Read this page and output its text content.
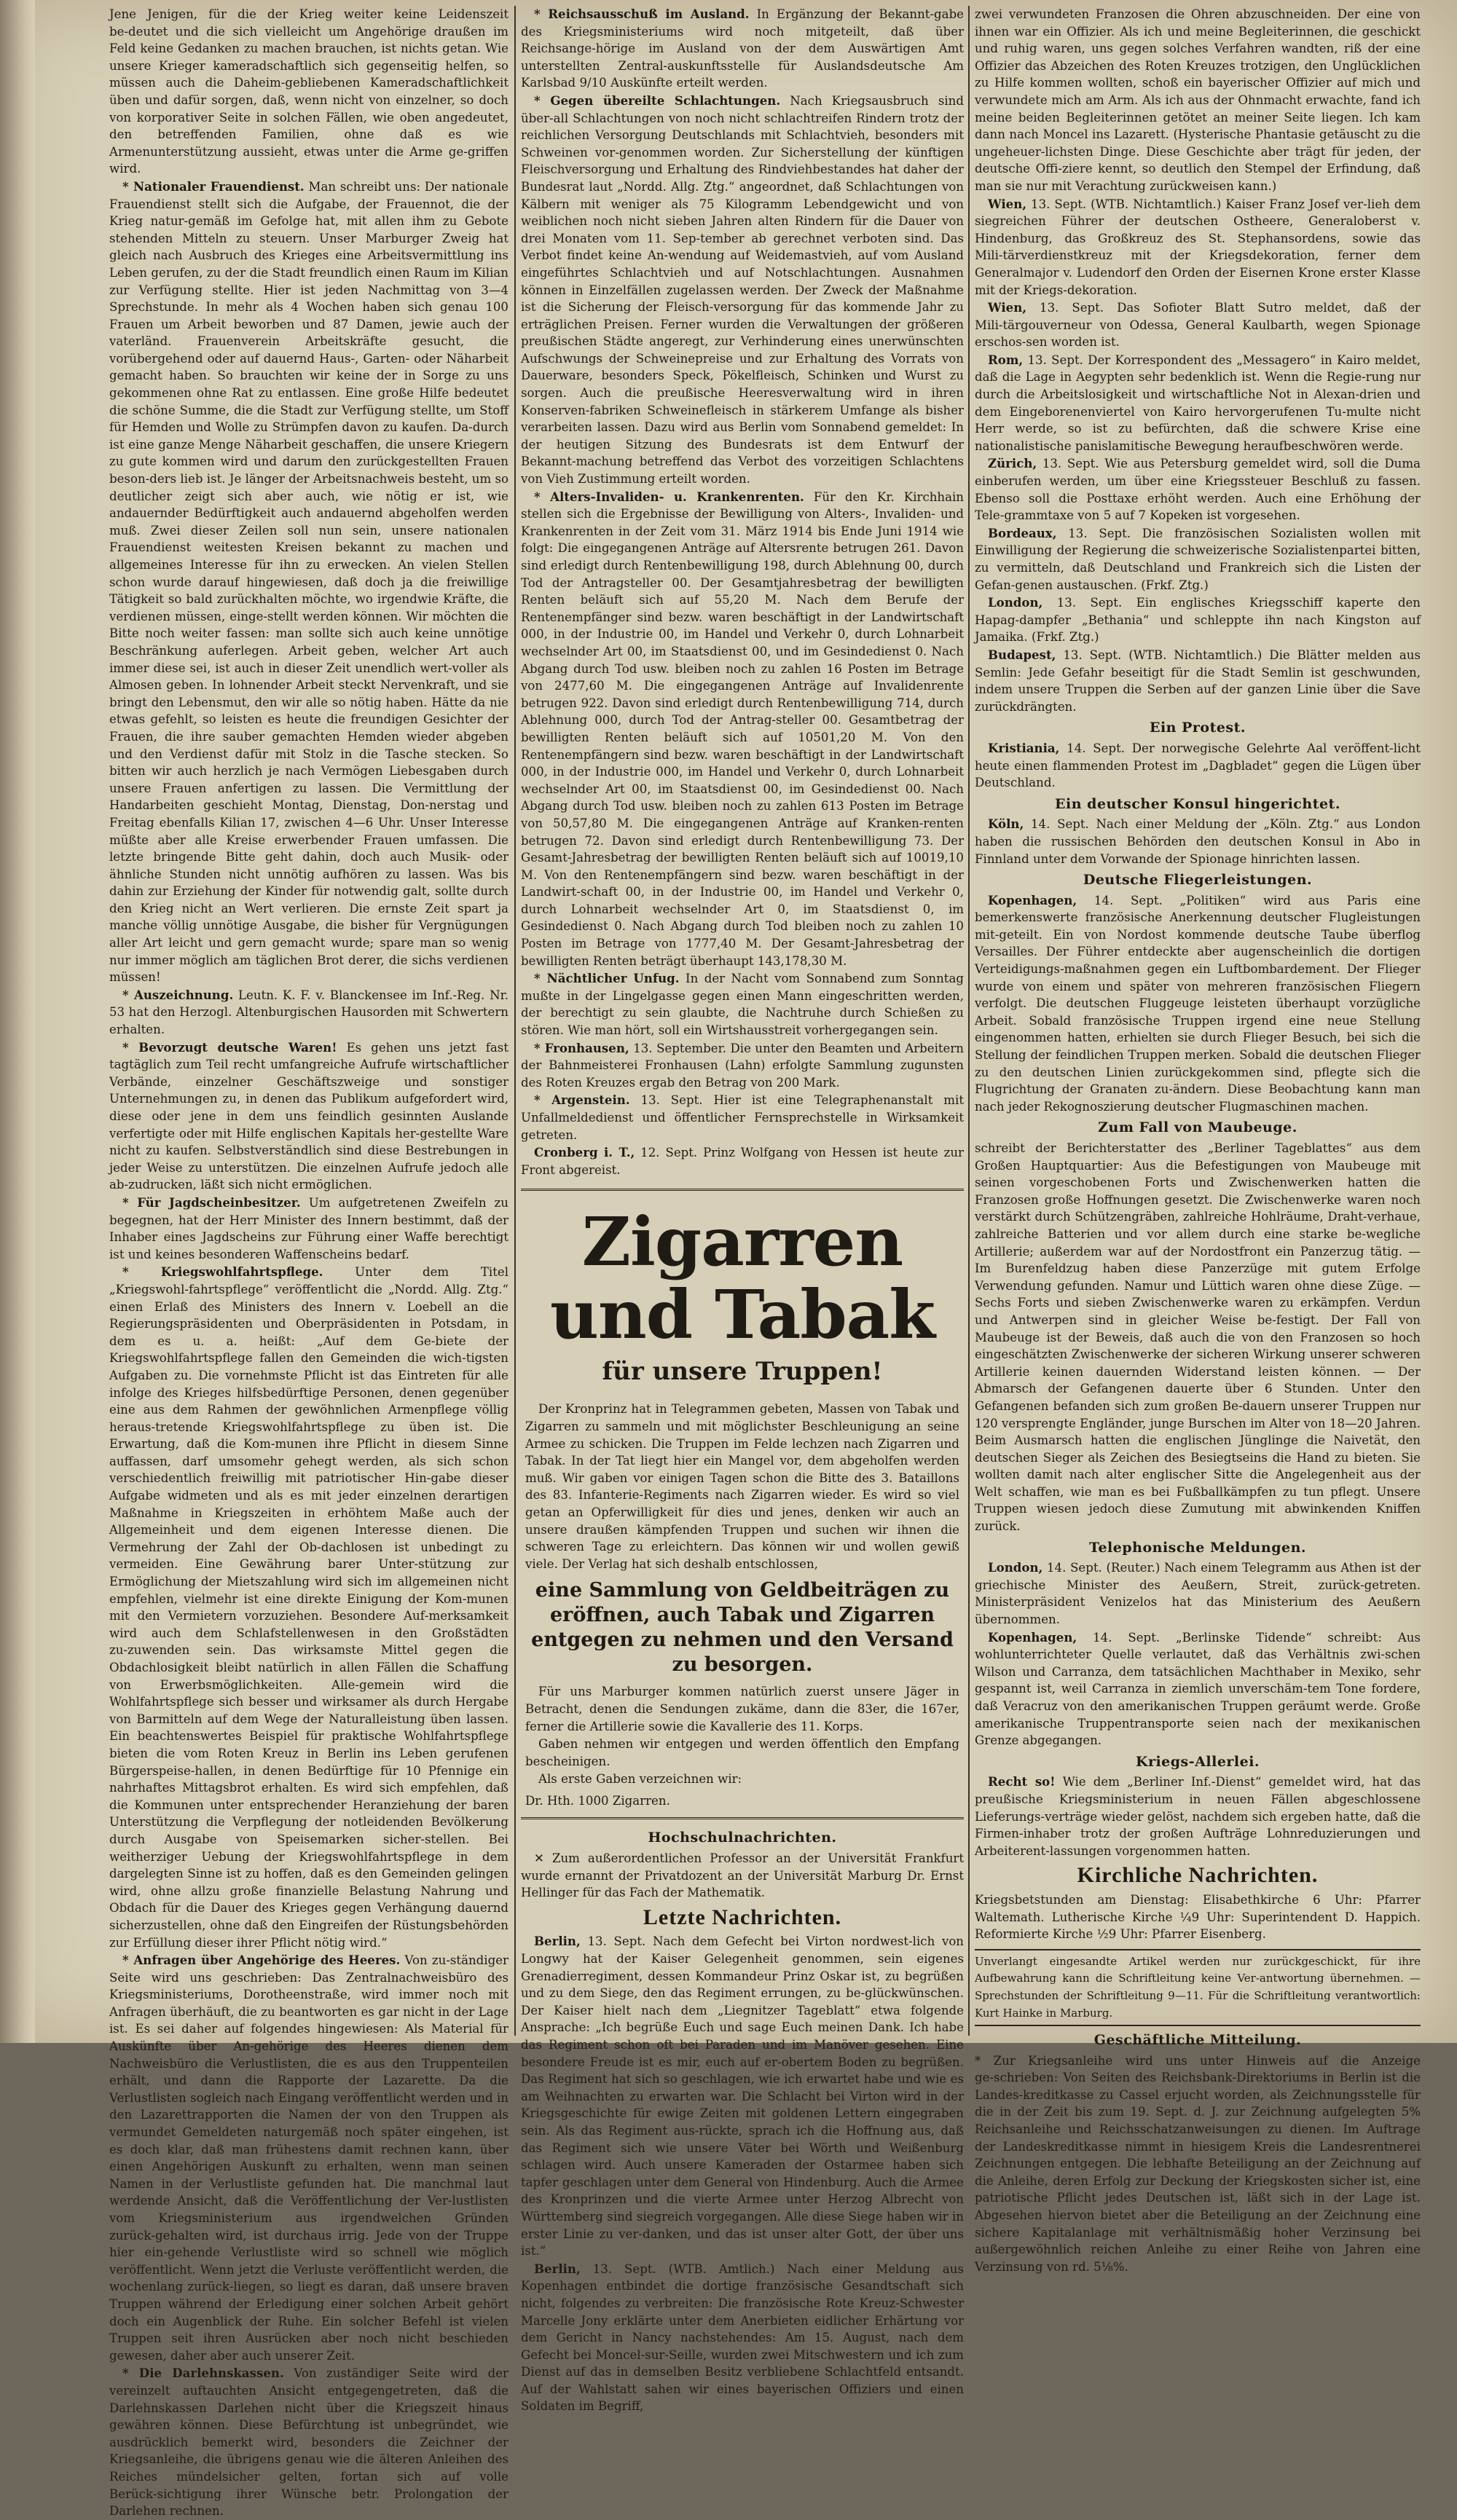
Jene Jenigen, für die der Krieg weiter keine Leidenszeit be‑deutet und die sich vielleicht um Angehörige draußen im Feld keine Gedanken zu machen brauchen, ist nichts getan. Wie unsere Krieger kameradschaftlich sich gegenseitig helfen, so müssen auch die Daheim‑gebliebenen Kameradschaftlichkeit üben und dafür sorgen, daß, wenn nicht von einzelner, so doch von korporativer Seite in solchen Fällen, wie oben angedeutet, den betreffenden Familien, ohne daß es wie Armenunterstützung aussieht, etwas unter die Arme ge‑griffen wird.

* Nationaler Frauendienst. Man schreibt uns: Der nationale Frauendienst stellt sich die Aufgabe, der Frauennot, die der Krieg natur‑gemäß im Gefolge hat, mit allen ihm zu Gebote stehenden Mitteln zu steuern. Unser Marburger Zweig hat gleich nach Ausbruch des Krieges eine Arbeitsvermittlung ins Leben gerufen, zu der die Stadt freundlich einen Raum im Kilian zur Verfügung stellte. Hier ist jeden Nachmittag von 3—4 Sprechstunde. In mehr als 4 Wochen haben sich genau 100 Frauen um Arbeit beworben und 87 Damen, jewie auch der vaterländ. Frauenverein Arbeitskräfte gesucht, die vorübergehend oder auf dauernd Haus‑, Garten‑ oder Näharbeit gemacht haben. So brauchten wir keine der in Sorge zu uns gekommenen ohne Rat zu entlassen. Eine große Hilfe bedeutet die schöne Summe, die die Stadt zur Verfügung stellte, um Stoff für Hemden und Wolle zu Strümpfen davon zu kaufen. Da‑durch ist eine ganze Menge Näharbeit geschaffen, die unsere Kriegern zu gute kommen wird und darum den zurückgestellten Frauen beson‑ders lieb ist. Je länger der Arbeitsnachweis besteht, um so deutlicher zeigt sich aber auch, wie nötig er ist, wie andauernder Bedürftigkeit auch andauernd abgeholfen werden muß. Zwei dieser Zeilen soll nun sein, unsere nationalen Frauendienst weitesten Kreisen bekannt zu machen und allgemeines Interesse für ihn zu erwecken. An vielen Stellen schon wurde darauf hingewiesen, daß doch ja die freiwillige Tätigkeit so bald zurückhalten möchte, wo irgendwie Kräfte, die verdienen müssen, einge‑stellt werden können. Wir möchten die Bitte noch weiter fassen: man sollte sich auch keine unnötige Beschränkung auferlegen. Arbeit geben, welcher Art auch immer diese sei, ist auch in dieser Zeit unendlich wert‑voller als Almosen geben. In lohnender Arbeit steckt Nervenkraft, und sie bringt den Lebensmut, den wir alle so nötig haben. Hätte da nie etwas gefehlt, so leisten es heute die freundigen Gesichter der Frauen, die ihre sauber gemachten Hemden wieder abgeben und den Verdienst dafür mit Stolz in die Tasche stecken. So bitten wir auch herzlich je nach Vermögen Liebesgaben durch unsere Frauen anfertigen zu lassen. Die Vermittlung der Handarbeiten geschieht Montag, Dienstag, Don‑nerstag und Freitag ebenfalls Kilian 17, zwischen 4—6 Uhr. Unser Interesse müßte aber alle Kreise erwerbender Frauen umfassen. Die letzte bringende Bitte geht dahin, doch auch Musik‑ oder ähnliche Stunden nicht unnötig aufhören zu lassen. Was bis dahin zur Erziehung der Kinder für notwendig galt, sollte durch den Krieg nicht an Wert verlieren. Die ernste Zeit spart ja manche völlig unnötige Ausgabe, die bisher für Vergnügungen aller Art leicht und gern gemacht wurde; spare man so wenig nur immer möglich am täglichen Brot derer, die sichs verdienen müssen!

* Auszeichnung. Leutn. K. F. v. Blanckensee im Inf.‑Reg. Nr. 53 hat den Herzogl. Altenburgischen Hausorden mit Schwertern erhalten.

* Bevorzugt deutsche Waren! Es gehen uns jetzt fast tagtäglich zum Teil recht umfangreiche Aufrufe wirtschaftlicher Verbände, einzelner Geschäftszweige und sonstiger Unternehmungen zu, in denen das Publikum aufgefordert wird, diese oder jene in dem uns feindlich gesinnten Auslande verfertigte oder mit Hilfe englischen Kapitals her‑gestellte Ware nicht zu kaufen. Selbstverständlich sind diese Bestrebungen in jeder Weise zu unterstützen. Die einzelnen Aufrufe jedoch alle ab‑zudrucken, läßt sich nicht ermöglichen.

* Für Jagdscheinbesitzer. Um aufgetretenen Zweifeln zu begegnen, hat der Herr Minister des Innern bestimmt, daß der Inhaber eines Jagdscheins zur Führung einer Waffe berechtigt ist und keines besonderen Waffenscheins bedarf.

* Kriegswohlfahrtspflege.	Unter dem Titel „Kriegswohl‑fahrtspflege“ veröffentlicht die „Nordd. Allg. Ztg.“ einen Erlaß des Ministers des Innern v. Loebell an die Regierungspräsidenten und Oberpräsidenten in Potsdam, in dem es u. a. heißt: „Auf dem Ge‑biete der Kriegswohlfahrtspflege fallen den Gemeinden die wich‑tigsten Aufgaben zu. Die vornehmste Pflicht ist das Eintreten für alle infolge des Krieges hilfsbedürftige Personen, denen gegenüber eine aus dem Rahmen der gewöhnlichen Armenpflege völlig heraus‑tretende Kriegswohlfahrtspflege zu üben ist. Die Erwartung, daß die Kom‑munen ihre Pflicht in diesem Sinne auffassen, darf umsomehr gehegt werden, als sich schon verschiedentlich freiwillig mit patriotischer Hin‑gabe dieser Aufgabe widmeten und als es mit jeder einzelnen derartigen Maßnahme in Kriegszeiten in erhöhtem Maße auch der Allgemeinheit und dem eigenen Interesse dienen. Die Vermehrung der Zahl der Ob‑dachlosen ist unbedingt zu vermeiden. Eine Gewährung barer Unter‑stützung zur Ermöglichung der Mietszahlung wird sich im allgemeinen nicht empfehlen, vielmehr ist eine direkte Einigung der Kom‑munen mit den Vermietern vorzuziehen. Besondere Auf‑merksamkeit wird auch dem Schlafstellenwesen in den Großstädten zu‑zuwenden sein. Das wirksamste Mittel gegen die Obdachlosigkeit bleibt natürlich in allen Fällen die Schaffung von Erwerbsmöglichkeiten. Alle‑gemein wird die Wohlfahrtspflege sich besser und wirksamer als durch Hergabe von Barmitteln auf dem Wege der Naturalleistung üben lassen. Ein beachtenswertes Beispiel für praktische Wohlfahrtspflege bieten die vom Roten Kreuz in Berlin ins Leben gerufenen Bürgerspeise‑hallen, in denen Bedürftige für 10 Pfennige ein nahrhaftes Mittagsbrot erhalten. Es wird sich empfehlen, daß die Kommunen unter entsprechender Heranziehung der baren Unterstützung die Verpflegung der notleidenden Bevölkerung durch Ausgabe von Speisemarken sicher‑stellen. Bei weitherziger Uebung der Kriegswohlfahrtspflege in dem dargelegten Sinne ist zu hoffen, daß es den Gemeinden gelingen wird, ohne allzu große finanzielle Belastung Nahrung und Obdach für die Dauer des Krieges gegen Verhängung dauernd sicherzustellen, ohne daß den Eingreifen der Rüstungsbehörden zur Erfüllung dieser ihrer Pflicht nötig wird.“

* Anfragen über Angehörige des Heeres. Von zu‑ständiger Seite wird uns geschrieben: Das Zentralnachweisbüro des Kriegsministeriums, Dorotheenstraße, wird immer noch mit Anfragen überhäuft, die zu beantworten es gar nicht in der Lage ist. Es sei daher auf folgendes hingewiesen: Als Material für Auskünfte über An‑gehörige des Heeres dienen dem Nachweisbüro die Verlustlisten, die es aus den Truppenteilen erhält, und dann die Rapporte der Lazarette. Da die Verlustlisten sogleich nach Eingang veröffentlicht werden und in den Lazarettrapporten die Namen der von den Truppen als vermundet Gemeldeten naturgemäß noch später eingehen, ist es doch klar, daß man frühestens damit rechnen kann, über einen Angehörigen Auskunft zu erhalten, wenn man seinen Namen in der Verlustliste gefunden hat. Die manchmal laut werdende Ansicht, daß die Veröffentlichung der Ver‑lustlisten vom Kriegsministerium aus irgendwelchen Gründen zurück‑gehalten wird, ist durchaus irrig. Jede von der Truppe hier ein‑gehende Verlustliste wird so schnell wie möglich veröffentlicht. Wenn jetzt die Verluste veröffentlicht werden, die wochenlang zurück‑liegen, so liegt es daran, daß unsere braven Truppen während der Erledigung einer solchen Arbeit gehört doch ein Augenblick der Ruhe. Ein solcher Befehl ist vielen Truppen seit ihren Ausrücken aber noch nicht beschieden gewesen, daher aber auch unserer Zeit.

* Die Darlehnskassen. Von zuständiger Seite wird der vereinzelt auftauchten Ansicht entgegengetreten, daß die Darlehnskassen Darlehen nicht über die Kriegszeit hinaus gewähren können. Diese Befürchtung ist unbegründet, wie ausdrücklich bemerkt wird, besonders die Zeichner der Kriegsanleihe, die übrigens genau wie die älteren Anleihen des Reiches mündelsicher gelten, fortan sich auf volle Berück‑sichtigung ihrer Wünsche betr. Prolongation der Darlehen rechnen.

* Reichsausschuß im Ausland. In Ergänzung der Bekannt‑gabe des Kriegsministeriums wird noch mitgeteilt, daß über Reichsange‑hörige im Ausland von der dem Auswärtigen Amt unterstellten Zentral‑auskunftsstelle für Auslandsdeutsche Am Karlsbad 9/10 Auskünfte erteilt werden.

* Gegen übereilte Schlachtungen. Nach Kriegsausbruch sind über‑all Schlachtungen von noch nicht schlachtreifen Rindern trotz der reichlichen Versorgung Deutschlands mit Schlachtvieh, besonders mit Schweinen vor‑genommen worden. Zur Sicherstellung der künftigen Fleischversorgung und Erhaltung des Rindviehbestandes hat daher der Bundesrat laut „Nordd. Allg. Ztg.“ angeordnet, daß Schlachtungen von Kälbern mit weniger als 75 Kilogramm Lebendgewicht und von weiblichen noch nicht sieben Jahren alten Rindern für die Dauer von drei Monaten vom 11. Sep‑tember ab gerechnet verboten sind. Das Verbot findet keine An‑wendung auf Weidemastvieh, auf vom Ausland eingeführtes Schlachtvieh und auf Notschlachtungen. Ausnahmen können in Einzelfällen zugelassen werden. Der Zweck der Maßnahme ist die Sicherung der Fleisch‑versorgung für das kommende Jahr zu erträglichen Preisen. Ferner wurden die Verwaltungen der größeren preußischen Städte angeregt, zur Verhinderung eines unerwünschten Aufschwungs der Schweinepreise und zur Erhaltung des Vorrats von Dauerware, besonders Speck, Pökelfleisch, Schinken und Wurst zu sorgen. Auch die preußische Heeresverwaltung wird in ihren Konserven‑fabriken Schweinefleisch in stärkerem Umfange als bisher verarbeiten lassen. Dazu wird aus Berlin vom Sonnabend gemeldet: In der heutigen Sitzung des Bundesrats ist dem Entwurf der Bekannt‑machung betreffend das Verbot des vorzeitigen Schlachtens von Vieh Zustimmung erteilt worden.

* Alters‑Invaliden‑ u. Krankenrenten. Für den Kr. Kirchhain stellen sich die Ergebnisse der Bewilligung von Alters‑, Invaliden‑ und Krankenrenten in der Zeit vom 31. März 1914 bis Ende Juni 1914 wie folgt: Die eingegangenen Anträge auf Altersrente betrugen 261. Davon sind erledigt durch Rentenbewilligung 198, durch Ablehnung 00, durch Tod der Antragsteller 00. Der Gesamtjahresbetrag der bewilligten Renten beläuft sich auf 55,20 M. Nach dem Berufe der Rentenempfänger sind bezw. waren beschäftigt in der Landwirtschaft 000, in der Industrie 00, im Handel und Verkehr 0, durch Lohnarbeit wechselnder Art 00, im Staatsdienst 00, und im Gesindedienst 0. Nach Abgang durch Tod usw. bleiben noch zu zahlen 16 Posten im Betrage von 2477,60 M. Die eingegangenen Anträge auf Invalidenrente betrugen 922. Davon sind erledigt durch Rentenbewilligung 714, durch Ablehnung 000, durch Tod der Antrag‑steller 00. Gesamtbetrag der bewilligten Renten beläuft sich auf 10501,20 M. Von den Rentenempfängern sind bezw. waren beschäftigt in der Landwirtschaft 000, in der Industrie 000, im Handel und Verkehr 0, durch Lohnarbeit wechselnder Art 00, im Staatsdienst 00, im Gesindedienst 00. Nach Abgang durch Tod usw. bleiben noch zu zahlen 613 Posten im Betrage von 50,57,80 M. Die eingegangenen Anträge auf Kranken‑renten betrugen 72. Davon sind erledigt durch Rentenbewilligung 73. Der Gesamt‑Jahresbetrag der bewilligten Renten beläuft sich auf 10019,10 M. Von den Rentenempfängern sind bezw. waren beschäftigt in der Landwirt‑schaft 00, in der Industrie 00, im Handel und Verkehr 0, durch Lohnarbeit wechselnder Art 0, im Staatsdienst 0, im Gesindedienst 0. Nach Abgang durch Tod bleiben noch zu zahlen 10 Posten im Betrage von 1777,40 M. Der Gesamt‑Jahresbetrag der bewilligten Renten beträgt überhaupt 143,178,30 M.

* Nächtlicher Unfug. In der Nacht vom Sonnabend zum Sonntag mußte in der Lingelgasse gegen einen Mann eingeschritten werden, der berechtigt zu sein glaubte, die Nachtruhe durch Schießen zu stören. Wie man hört, soll ein Wirtshausstreit vorhergegangen sein.

* Fronhausen, 13. September. Die unter den Beamten und Arbeitern der Bahnmeisterei Fronhausen (Lahn) erfolgte Sammlung zugunsten des Roten Kreuzes ergab den Betrag von 200 Mark.

* Argenstein. 13. Sept. Hier ist eine Telegraphenanstalt mit Unfallmeldedienst und öffentlicher Fernsprechstelle in Wirksamkeit getreten.

Cronberg i. T., 12. Sept. Prinz Wolfgang von Hessen ist heute zur Front abgereist.

Zigarren und Tabak
für unsere Truppen!

Der Kronprinz hat in Telegrammen gebeten, Massen von Tabak und Zigarren zu sammeln und mit möglichster Beschleunigung an seine Armee zu schicken. Die Truppen im Felde lechzen nach Zigarren und Tabak. In der Tat liegt hier ein Mangel vor, dem abgeholfen werden muß. Wir gaben vor einigen Tagen schon die Bitte des 3. Bataillons des 83. Infanterie‑Regiments nach Zigarren wieder. Es wird so viel getan an Opferwilligkeit für dies und jenes, denken wir auch an unsere draußen kämpfenden Truppen und suchen wir ihnen die schweren Tage zu erleichtern. Das können wir und wollen gewiß viele. Der Verlag hat sich deshalb entschlossen,

eine Sammlung von Geldbeiträgen zu eröffnen, auch Tabak und Zigarren entgegen zu nehmen und den Versand zu besorgen.

Für uns Marburger kommen natürlich zuerst unsere Jäger in Betracht, denen die Sendungen zukäme, dann die 83er, die 167er, ferner die Artillerie sowie die Kavallerie des 11. Korps.

Gaben nehmen wir entgegen und werden öffentlich den Empfang bescheinigen.

Als erste Gaben verzeichnen wir:

Dr. Hth. 1000 Zigarren.

Hochschulnachrichten.

✕ Zum außerordentlichen Professor an der Universität Frankfurt wurde ernannt der Privatdozent an der Universität Marburg Dr. Ernst Hellinger für das Fach der Mathematik.

Letzte Nachrichten.

Berlin, 13. Sept. Nach dem Gefecht bei Virton nordwest‑lich von Longwy hat der Kaiser Gelegenheit genommen, sein eigenes Grenadierregiment, dessen Kommandeur Prinz Oskar ist, zu begrüßen und zu dem Siege, den das Regiment errungen, zu be‑glückwünschen. Der Kaiser hielt nach dem „Liegnitzer Tageblatt“ etwa folgende Ansprache: „Ich begrüße Euch und sage Euch meinen Dank. Ich habe das Regiment schon oft bei Paraden und im Manöver gesehen. Eine besondere Freude ist es mir, euch auf er‑obertem Boden zu begrüßen. Das Regiment hat sich so geschlagen, wie ich erwartet habe und wie es am Weihnachten zu erwarten war. Die Schlacht bei Virton wird in der Kriegsgeschichte für ewige Zeiten mit goldenen Lettern eingegraben sein. Als das Regiment aus‑rückte, sprach ich die Hoffnung aus, daß das Regiment sich wie unsere Väter bei Wörth und Weißenburg schlagen wird. Auch unsere Kameraden der Ostarmee haben sich tapfer geschlagen unter dem General von Hindenburg. Auch die Armee des Kronprinzen und die vierte Armee unter Herzog Albrecht von Württemberg sind siegreich vorgegangen. Alle diese Siege haben wir in erster Linie zu ver‑danken, und das ist unser alter Gott, der über uns ist.“

Berlin, 13. Sept. (WTB. Amtlich.) Nach einer Meldung aus Kopenhagen entbindet die dortige französische Gesandtschaft sich nicht, folgendes zu verbreiten: Die französische Rote Kreuz‑Schwester Marcelle Jony erklärte unter dem Anerbieten eidlicher Erhärtung vor dem Gericht in Nancy nachstehendes: Am 15. August, nach dem Gefecht bei Moncel‑sur‑Seille, wurden zwei Mitschwestern und ich zum Dienst auf das in demselben Besitz verbliebene Schlachtfeld entsandt. Auf der Wahlstatt sahen wir eines bayerischen Offiziers und einen Soldaten im Begriff,

zwei verwundeten Franzosen die Ohren abzuschneiden. Der eine von ihnen war ein Offizier. Als ich und meine Begleiterinnen, die geschickt und ruhig waren, uns gegen solches Verfahren wandten, riß der eine Offizier das Abzeichen des Roten Kreuzes trotzigen, den Unglücklichen zu Hilfe kommen wollten, schoß ein bayerischer Offizier auf mich und verwundete mich am Arm. Als ich aus der Ohnmacht erwachte, fand ich meine beiden Begleiterinnen getötet an meiner Seite liegen. Ich kam dann nach Moncel ins Lazarett. (Hysterische Phantasie getäuscht zu die ungeheuer‑lichsten Dinge. Diese Geschichte aber trägt für jeden, der deutsche Offi‑ziere kennt, so deutlich den Stempel der Erfindung, daß man sie nur mit Verachtung zurückweisen kann.)

Wien, 13. Sept. (WTB. Nichtamtlich.) Kaiser Franz Josef ver‑lieh dem siegreichen Führer der deutschen Ostheere, Generaloberst v. Hindenburg, das Großkreuz des St. Stephansordens, sowie das Mili‑tärverdienstkreuz mit der Kriegsdekoration, ferner dem Generalmajor v. Ludendorf den Orden der Eisernen Krone erster Klasse mit der Kriegs‑dekoration.

Wien, 13. Sept. Das Sofioter Blatt Sutro meldet, daß der Mili‑tärgouverneur von Odessa, General Kaulbarth, wegen Spionage erschos‑sen worden ist.

Rom, 13. Sept. Der Korrespondent des „Messagero“ in Kairo meldet, daß die Lage in Aegypten sehr bedenklich ist. Wenn die Regie‑rung nur durch die Arbeitslosigkeit und wirtschaftliche Not in Alexan‑drien und dem Eingeborenenviertel von Kairo hervorgerufenen Tu‑multe nicht Herr werde, so ist zu befürchten, daß die schwere Krise eine nationalistische panislamitische Bewegung heraufbeschwören werde.

Zürich, 13. Sept. Wie aus Petersburg gemeldet wird, soll die Duma einberufen werden, um über eine Kriegssteuer Beschluß zu fassen. Ebenso soll die Posttaxe erhöht werden. Auch eine Erhöhung der Tele‑grammtaxe von 5 auf 7 Kopeken ist vorgesehen.

Bordeaux, 13. Sept. Die französischen Sozialisten wollen mit Einwilligung der Regierung die schweizerische Sozialistenpartei bitten, zu vermitteln, daß Deutschland und Frankreich sich die Listen der Gefan‑genen austauschen. (Frkf. Ztg.)

London, 13. Sept. Ein englisches Kriegsschiff kaperte den Hapag‑dampfer „Bethania“ und schleppte ihn nach Kingston auf Jamaika. (Frkf. Ztg.)

Budapest, 13. Sept. (WTB. Nichtamtlich.) Die Blätter melden aus Semlin: Jede Gefahr beseitigt für die Stadt Semlin ist geschwunden, indem unsere Truppen die Serben auf der ganzen Linie über die Save zurückdrängten.

Ein Protest.

Kristiania, 14. Sept. Der norwegische Gelehrte Aal veröffent‑licht heute einen flammenden Protest im „Dagbladet“ gegen die Lügen über Deutschland.

Ein deutscher Konsul hingerichtet.

Köln, 14. Sept. Nach einer Meldung der „Köln. Ztg.“ aus London haben die russischen Behörden den deutschen Konsul in Abo in Finnland unter dem Vorwande der Spionage hinrichten lassen.

Deutsche Fliegerleistungen.

Kopenhagen, 14. Sept. „Politiken“ wird aus Paris eine bemerkenswerte französische Anerkennung deutscher Flugleistungen mit‑geteilt. Ein von Nordost kommende deutsche Taube überflog Versailles. Der Führer entdeckte aber augenscheinlich die dortigen Verteidigungs‑maßnahmen gegen ein Luftbombardement. Der Flieger wurde von einem und später von mehreren französischen Fliegern verfolgt. Die deutschen Fluggeuge leisteten überhaupt vorzügliche Arbeit. Sobald französische Truppen irgend eine neue Stellung eingenommen hatten, erhielten sie durch Flieger Besuch, bei sich die Stellung der feindlichen Truppen merken. Sobald die deutschen Flieger zu den deutschen Linien zurückgekommen sind, pflegte sich die Flugrichtung der Granaten zu‑ändern. Diese Beobachtung kann man nach jeder Rekognoszierung deutscher Flugmaschinen machen.

Zum Fall von Maubeuge.

schreibt der Berichterstatter des „Berliner Tageblattes“ aus dem Großen Hauptquartier: Aus die Befestigungen von Maubeuge mit seinen vorgeschobenen Forts und Zwischenwerken hatten die Franzosen große Hoffnungen gesetzt. Die Zwischenwerke waren noch verstärkt durch Schützengräben, zahlreiche Hohlräume, Draht‑verhaue, zahlreiche Batterien und vor allem durch eine starke be‑wegliche Artillerie; außerdem war auf der Nordostfront ein Panzerzug tätig. — Im Burenfeldzug haben diese Panzerzüge mit gutem Erfolge Verwendung gefunden. Namur und Lüttich waren ohne diese Züge. — Sechs Forts und sieben Zwischenwerke waren zu erkämpfen. Verdun und Antwerpen sind in gleicher Weise be‑festigt. Der Fall von Maubeuge ist der Beweis, daß auch die von den Franzosen so hoch eingeschätzten Zwischenwerke der sicheren Wirkung unserer schweren Artillerie keinen dauernden Widerstand leisten können. — Der Abmarsch der Gefangenen dauerte über 6 Stunden. Unter den Gefangenen befanden sich zum großen Be‑dauern unserer Truppen nur 120 versprengte Engländer, junge Burschen im Alter von 18—20 Jahren. Beim Ausmarsch hatten die englischen Jünglinge die Naivetät, den deutschen Sieger als Zeichen des Besiegtseins die Hand zu bieten. Sie wollten damit nach alter englischer Sitte die Angelegenheit aus der Welt schaffen, wie man es bei Fußballkämpfen zu tun pflegt. Unsere Truppen wiesen jedoch diese Zumutung mit abwinkenden Kniffen zurück.

Telephonische Meldungen.

London, 14. Sept. (Reuter.) Nach einem Telegramm aus Athen ist der griechische Minister des Aeußern, Streit, zurück‑getreten. Ministerpräsident Venizelos hat das Ministerium des Aeußern übernommen.

Kopenhagen, 14. Sept. „Berlinske Tidende“ schreibt: Aus wohlunterrichteter Quelle verlautet, daß das Verhältnis zwi‑schen Wilson und Carranza, dem tatsächlichen Machthaber in Mexiko, sehr gespannt ist, weil Carranza in ziemlich unverschäm‑tem Tone fordere, daß Veracruz von den amerikanischen Truppen geräumt werde. Große amerikanische Truppentransporte seien nach der mexikanischen Grenze abgegangen.

Kriegs‑Allerlei.

Recht so! Wie dem „Berliner Inf.‑Dienst“ gemeldet wird, hat das preußische Kriegsministerium in neuen Fällen abgeschlossene Lieferungs‑verträge wieder gelöst, nachdem sich ergeben hatte, daß die Firmen‑inhaber trotz der großen Aufträge Lohnreduzierungen und Arbeiterent‑lassungen vorgenommen hatten.

Kirchliche Nachrichten.

Kriegsbetstunden am Dienstag: Elisabethkirche 6 Uhr: Pfarrer Waltemath. Lutherische Kirche ¼9 Uhr: Superintendent D. Happich. Reformierte Kirche ½9 Uhr: Pfarrer Eisenberg.

Unverlangt eingesandte Artikel werden nur zurückgeschickt, für ihre Aufbewahrung kann die Schriftleitung keine Ver‑antwortung übernehmen. — Sprechstunden der Schriftleitung 9—11. Für die Schriftleitung verantwortlich: Kurt Hainke in Marburg.
Geschäftliche Mitteilung.

* Zur Kriegsanleihe wird uns unter Hinweis auf die Anzeige ge‑schrieben: Von Seiten des Reichsbank‑Direktoriums in Berlin ist die Landes‑kreditkasse zu Cassel erjucht worden, als Zeichnungsstelle für die in der Zeit bis zum 19. Sept. d. J. zur Zeichnung aufgelegten 5% Reichsanleihe und Reichsschatzanweisungen zu dienen. Im Auftrage der Landeskreditkasse nimmt in hiesigem Kreis die Landesrentnerei Zeichnungen entgegen. Die lebhafte Beteiligung an der Zeichnung auf die Anleihe, deren Erfolg zur Deckung der Kriegskosten sicher ist, eine patriotische Pflicht jedes Deutschen ist, läßt sich in der Lage ist. Abgesehen hiervon bietet aber die Beteiligung an der Zeichnung eine sichere Kapitalanlage mit verhältnismäßig hoher Verzinsung bei außergewöhnlich reichen Anleihe zu einer Reihe von Jahren eine Verzinsung von rd. 5⅛%.
